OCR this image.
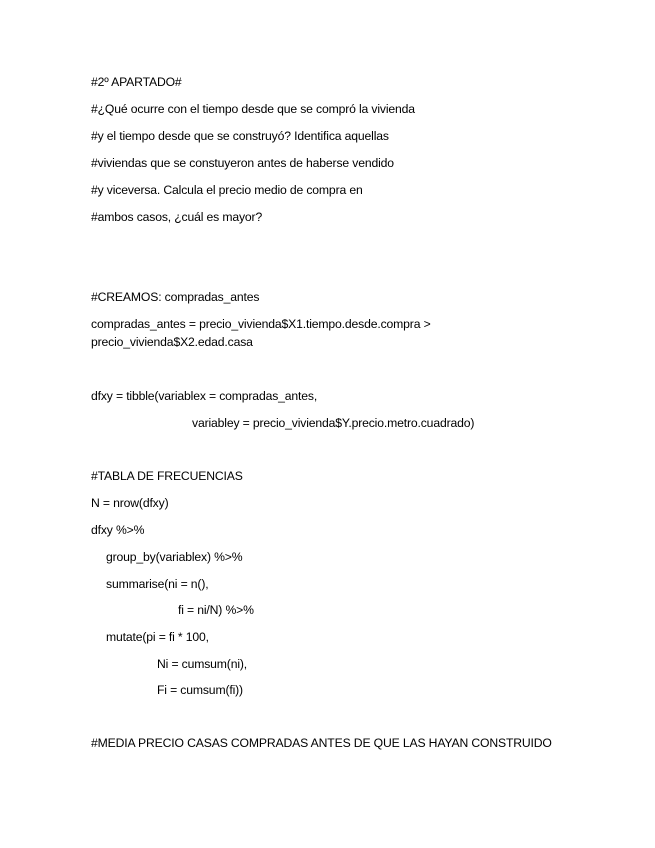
#2º APARTADO#
#¿Qué ocurre con el tiempo desde que se compró la vivienda
#y el tiempo desde que se construyó? Identifica aquellas
#viviendas que se constuyeron antes de haberse vendido
#y viceversa. Calcula el precio medio de compra en
#ambos casos, ¿cuál es mayor?
#CREAMOS: compradas_antes
compradas_antes = precio_vivienda$X1.tiempo.desde.compra >
precio_vivienda$X2.edad.casa
dfxy = tibble(variablex = compradas_antes,
variabley = precio_vivienda$Y.precio.metro.cuadrado)
#TABLA DE FRECUENCIAS
N = nrow(dfxy)
dfxy %>%
group_by(variablex) %>%
summarise(ni = n(),
fi = ni/N) %>%
mutate(pi = fi * 100,
Ni = cumsum(ni),
Fi = cumsum(fi))
#MEDIA PRECIO CASAS COMPRADAS ANTES DE QUE LAS HAYAN CONSTRUIDO
